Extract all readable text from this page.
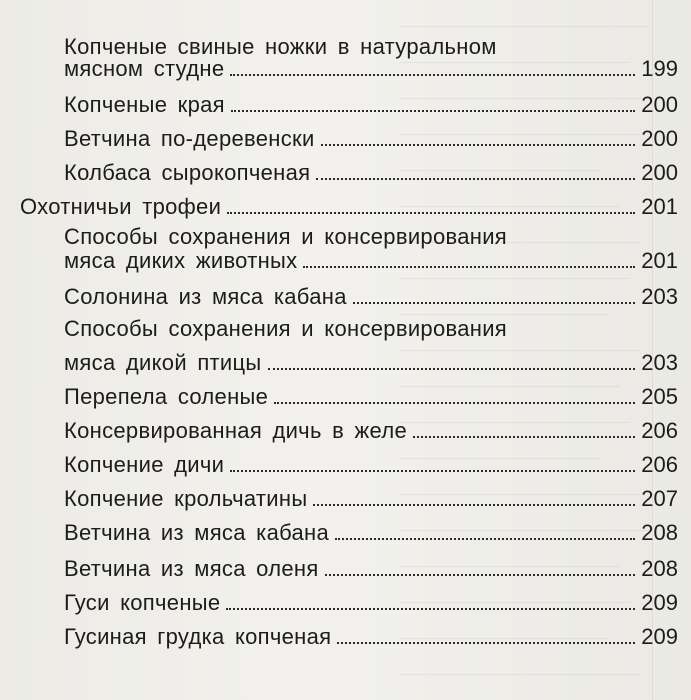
Копченые свиные ножки в натуральном
мясном студне	199
Копченые края	200
Ветчина по-деревенски	200
Колбаса сырокопченая	200
Охотничьи трофеи	201
Способы сохранения и консервирования
мяса диких животных	201
Солонина из мяса кабана	203
Способы сохранения и консервирования
мяса дикой птицы	203
Перепела соленые	205
Консервированная дичь в желе	206
Копчение дичи	206
Копчение крольчатины	207
Ветчина из мяса кабана	208
Ветчина из мяса оленя	208
Гуси копченые	209
Гусиная грудка копченая	209
